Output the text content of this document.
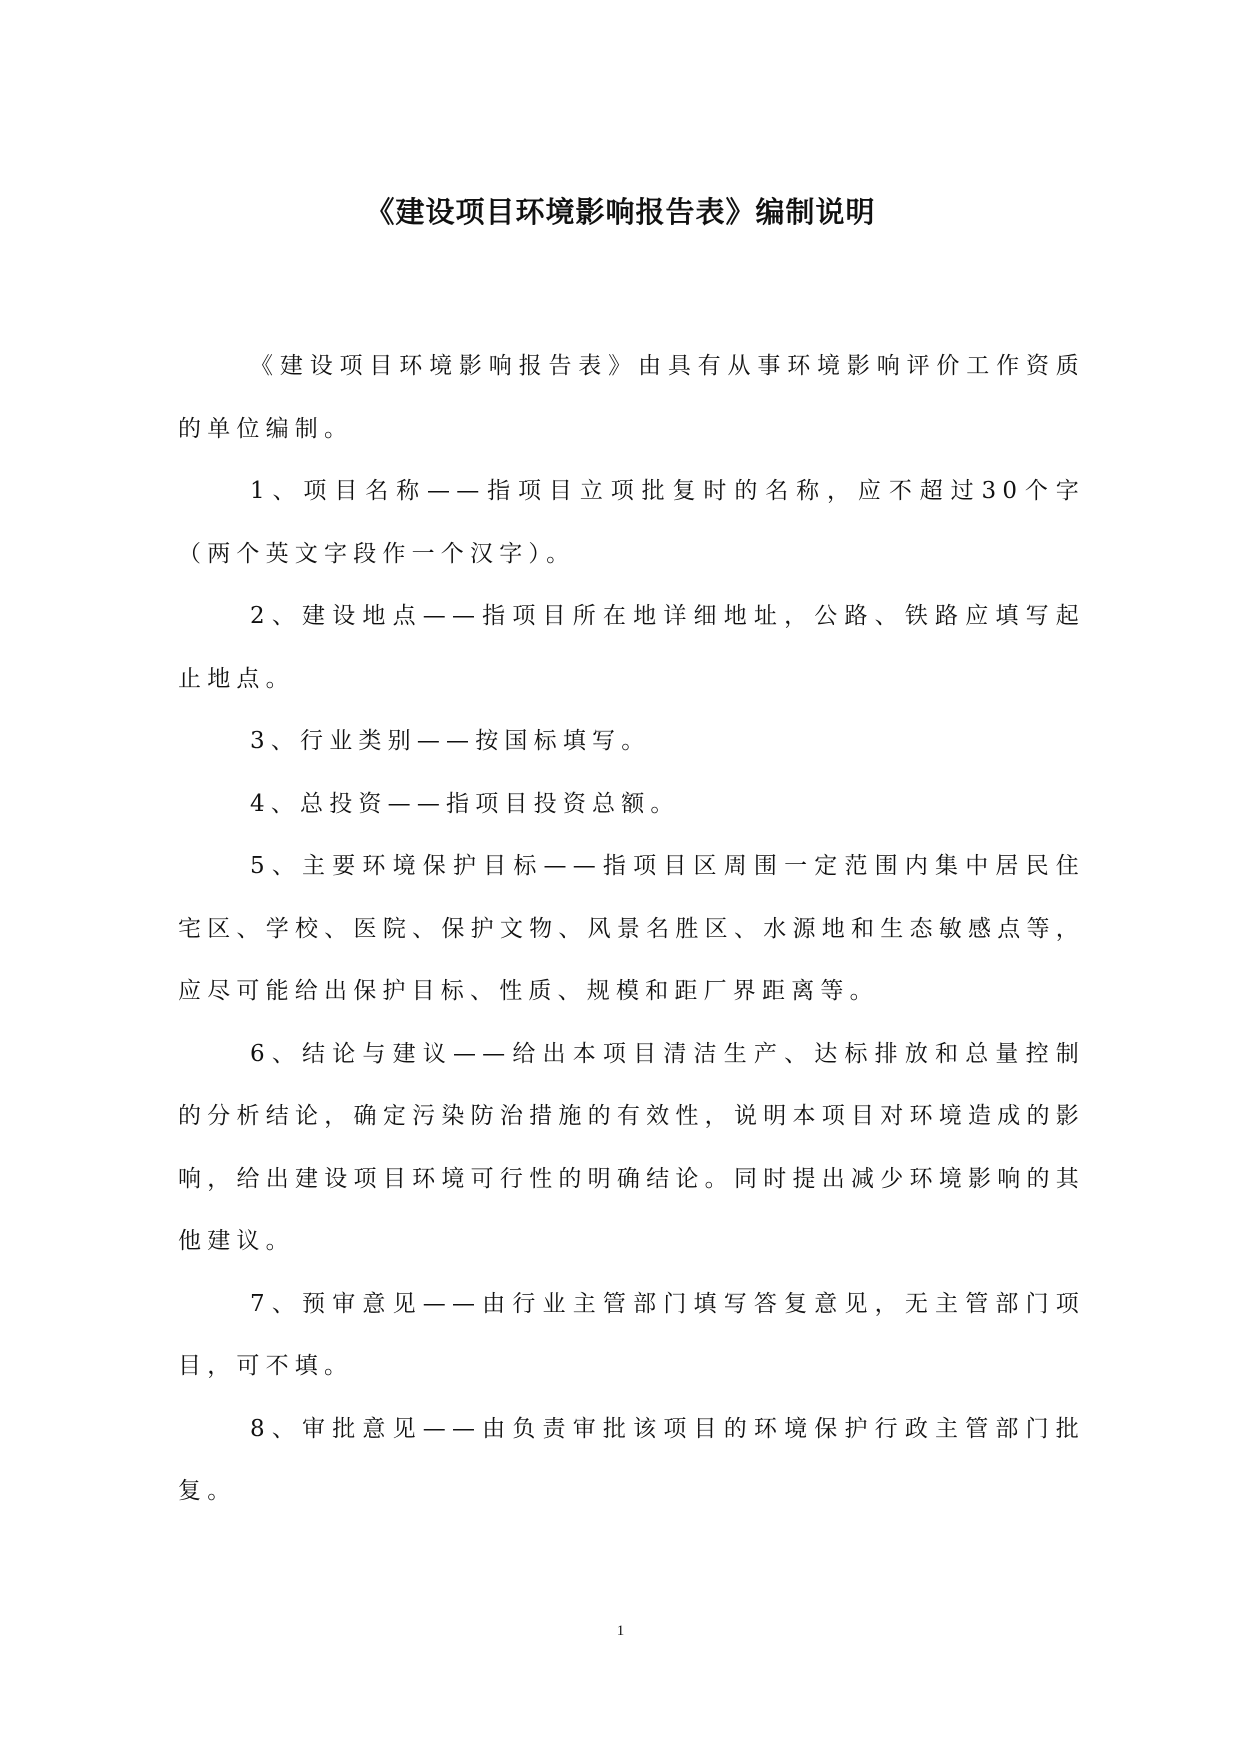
《建设项目环境影响报告表》编制说明

《建设项目环境影响报告表》由具有从事环境影响评价工作资质的单位编制。

1、项目名称——指项目立项批复时的名称，应不超过30个字（两个英文字段作一个汉字）。

2、建设地点——指项目所在地详细地址，公路、铁路应填写起止地点。

3、行业类别——按国标填写。

4、总投资——指项目投资总额。

5、主要环境保护目标——指项目区周围一定范围内集中居民住宅区、学校、医院、保护文物、风景名胜区、水源地和生态敏感点等，应尽可能给出保护目标、性质、规模和距厂界距离等。

6、结论与建议——给出本项目清洁生产、达标排放和总量控制的分析结论，确定污染防治措施的有效性，说明本项目对环境造成的影响，给出建设项目环境可行性的明确结论。同时提出减少环境影响的其他建议。

7、预审意见——由行业主管部门填写答复意见，无主管部门项目，可不填。

8、审批意见——由负责审批该项目的环境保护行政主管部门批复。

1
